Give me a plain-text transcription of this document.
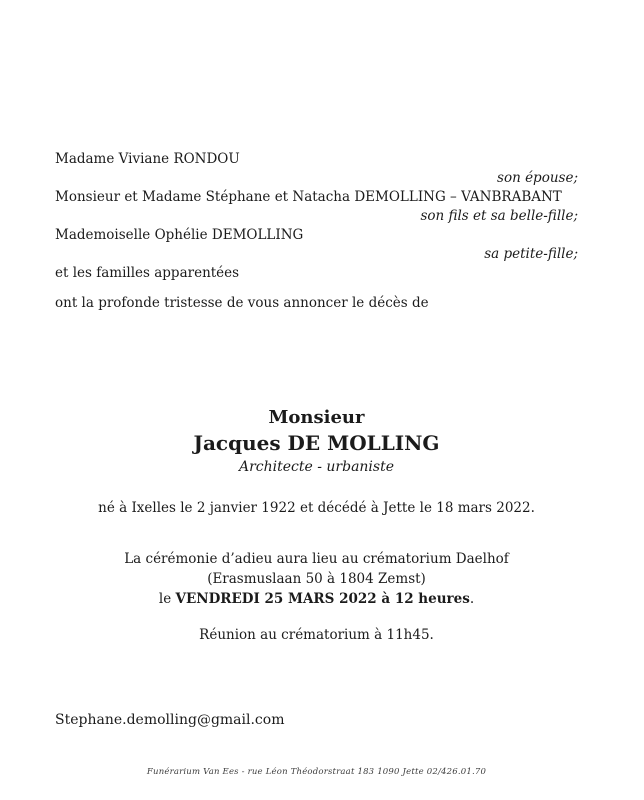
Madame Viviane RONDOU
son épouse;
Monsieur et Madame Stéphane et Natacha DEMOLLING – VANBRABANT
son fils et sa belle-fille;
Mademoiselle Ophélie DEMOLLING
sa petite-fille;
et les familles apparentées
ont la profonde tristesse de vous annoncer le décès de
Monsieur
Jacques DE MOLLING
Architecte - urbaniste
né à Ixelles le 2 janvier 1922 et décédé à Jette le 18 mars 2022.
La cérémonie d’adieu aura lieu au crématorium Daelhof
(Erasmuslaan 50 à 1804 Zemst)
le VENDREDI 25 MARS 2022 à 12 heures.
Réunion au crématorium à 11h45.
Stephane.demolling@gmail.com
Funérarium Van Ees - rue Léon Théodorstraat 183 1090 Jette 02/426.01.70
